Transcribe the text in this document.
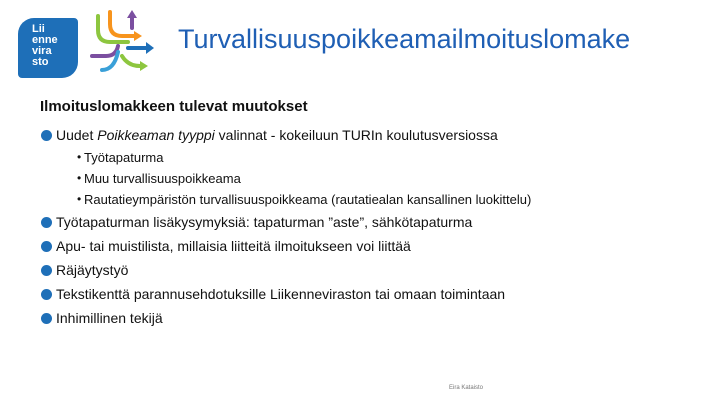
Lii
enne
vira
sto
Turvallisuuspoikkeamailmoituslomake
Ilmoituslomakkeen tulevat muutokset
Uudet Poikkeaman tyyppi valinnat - kokeiluun TURIn koulutusversiossa
• Työtapaturma
• Muu turvallisuuspoikkeama
• Rautatieympäristön turvallisuuspoikkeama (rautatiealan kansallinen luokittelu)
Työtapaturman lisäkysymyksiä: tapaturman ”aste”, sähkötapaturma
Apu- tai muistilista, millaisia liitteitä ilmoitukseen voi liittää
Räjäytystyö
Tekstikenttä parannusehdotuksille Liikenneviraston tai omaan toimintaan
Inhimillinen tekijä
Eira Kataisto
